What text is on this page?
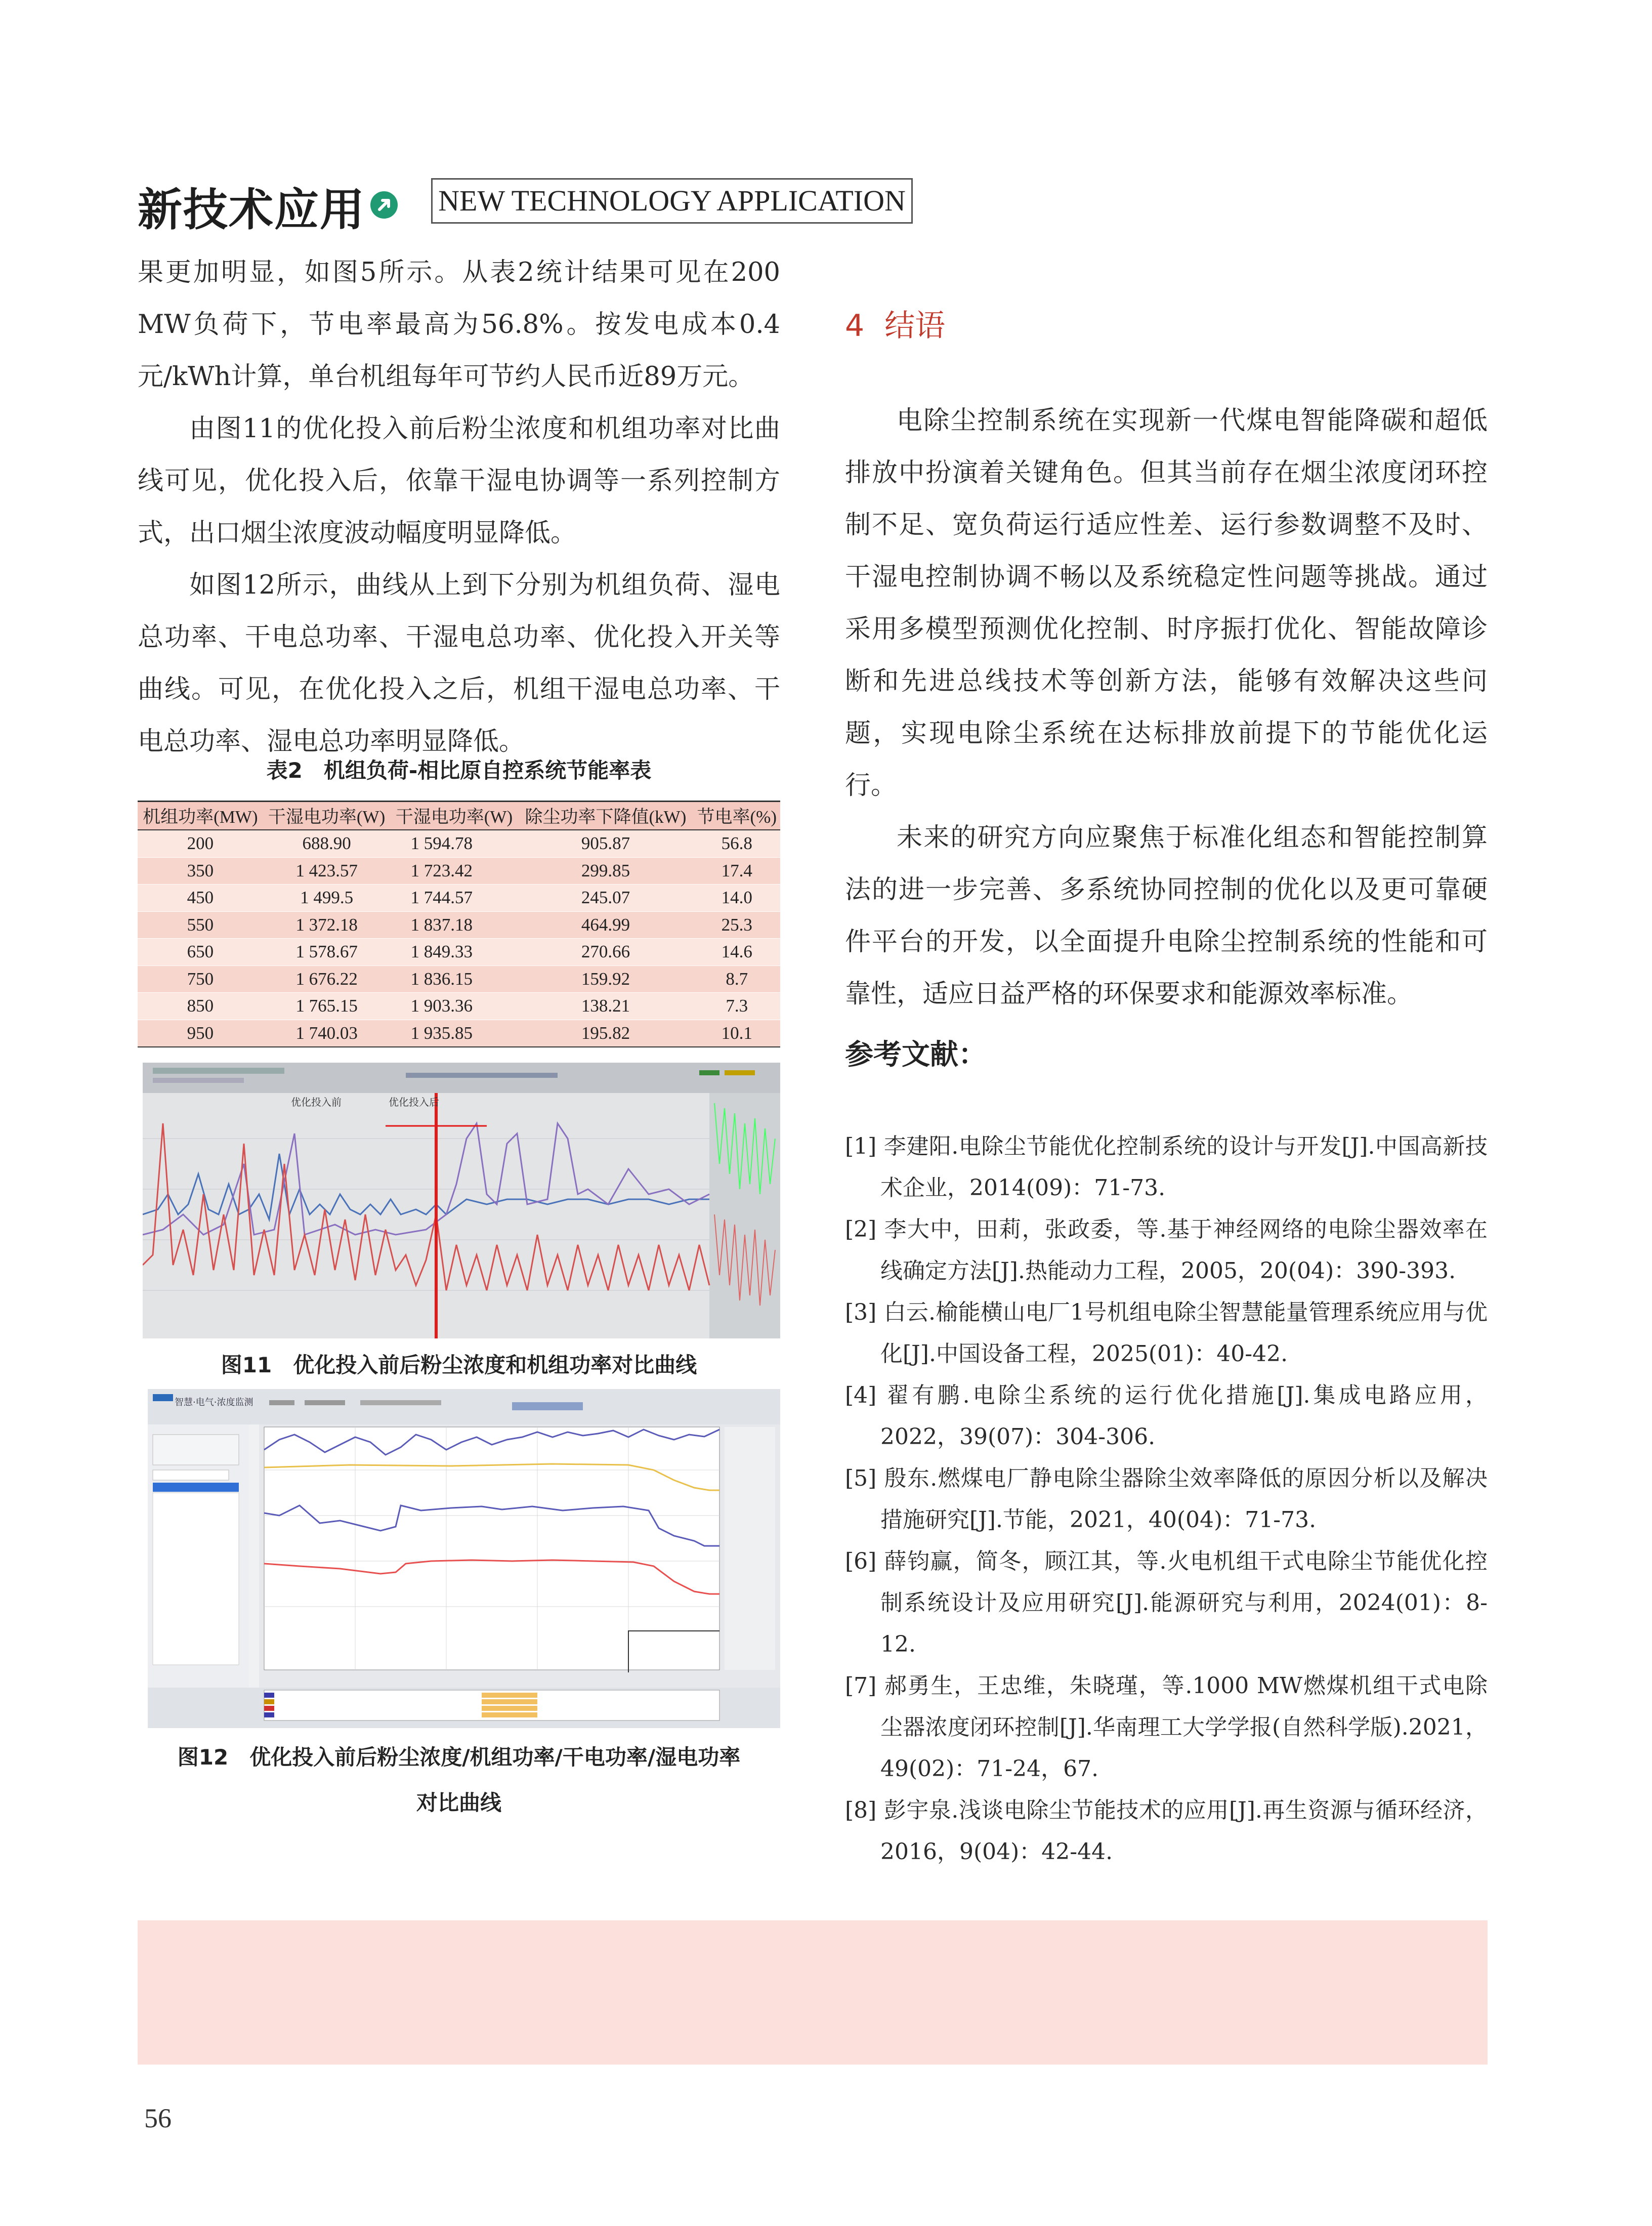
新技术应用 NEW TECHNOLOGY APPLICATION

果更加明显，如图5所示。从表2统计结果可见在200 MW负荷下，节电率最高为56.8%。按发电成本0.4元/kWh计算，单台机组每年可节约人民币近89万元。

由图11的优化投入前后粉尘浓度和机组功率对比曲线可见，优化投入后，依靠干湿电协调等一系列控制方式，出口烟尘浓度波动幅度明显降低。

如图12所示，曲线从上到下分别为机组负荷、湿电总功率、干电总功率、干湿电总功率、优化投入开关等曲线。可见，在优化投入之后，机组干湿电总功率、干电总功率、湿电总功率明显降低。

表2　机组负荷-相比原自控系统节能率表
机组功率(MW)	干湿电功率(W)	干湿电功率(W)	除尘功率下降值(kW)	节电率(%)
200	688.90	1 594.78	905.87	56.8
350	1 423.57	1 723.42	299.85	17.4
450	1 499.5	1 744.57	245.07	14.0
550	1 372.18	1 837.18	464.99	25.3
650	1 578.67	1 849.33	270.66	14.6
750	1 676.22	1 836.15	159.92	8.7
850	1 765.15	1 903.36	138.21	7.3
950	1 740.03	1 935.85	195.82	10.1
优化投入前	优化投入后
图11　优化投入前后粉尘浓度和机组功率对比曲线
智慧·电气·浓度监测
图12　优化投入前后粉尘浓度/机组功率/干电功率/湿电功率
对比曲线
4 结语

电除尘控制系统在实现新一代煤电智能降碳和超低排放中扮演着关键角色。但其当前存在烟尘浓度闭环控制不足、宽负荷运行适应性差、运行参数调整不及时、干湿电控制协调不畅以及系统稳定性问题等挑战。通过采用多模型预测优化控制、时序振打优化、智能故障诊断和先进总线技术等创新方法，能够有效解决这些问题，实现电除尘系统在达标排放前提下的节能优化运行。

未来的研究方向应聚焦于标准化组态和智能控制算法的进一步完善、多系统协同控制的优化以及更可靠硬件平台的开发，以全面提升电除尘控制系统的性能和可靠性，适应日益严格的环保要求和能源效率标准。

参考文献：

[1] 李建阳.电除尘节能优化控制系统的设计与开发[J].中国高新技术企业，2014(09)：71-73.

[2] 李大中，田莉，张政委，等.基于神经网络的电除尘器效率在线确定方法[J].热能动力工程，2005，20(04)：390-393.

[3] 白云.榆能横山电厂1号机组电除尘智慧能量管理系统应用与优化[J].中国设备工程，2025(01)：40-42.

[4] 翟有鹏.电除尘系统的运行优化措施[J].集成电路应用，2022，39(07)：304-306.

[5] 殷东.燃煤电厂静电除尘器除尘效率降低的原因分析以及解决措施研究[J].节能，2021，40(04)：71-73.

[6] 薛钧赢，简冬，顾江其，等.火电机组干式电除尘节能优化控制系统设计及应用研究[J].能源研究与利用，2024(01)：8-12.

[7] 郝勇生，王忠维，朱晓瑾，等.1000 MW燃煤机组干式电除尘器浓度闭环控制[J].华南理工大学学报(自然科学版).2021，49(02)：71-24，67.

[8] 彭宇泉.浅谈电除尘节能技术的应用[J].再生资源与循环经济，2016，9(04)：42-44.

56
